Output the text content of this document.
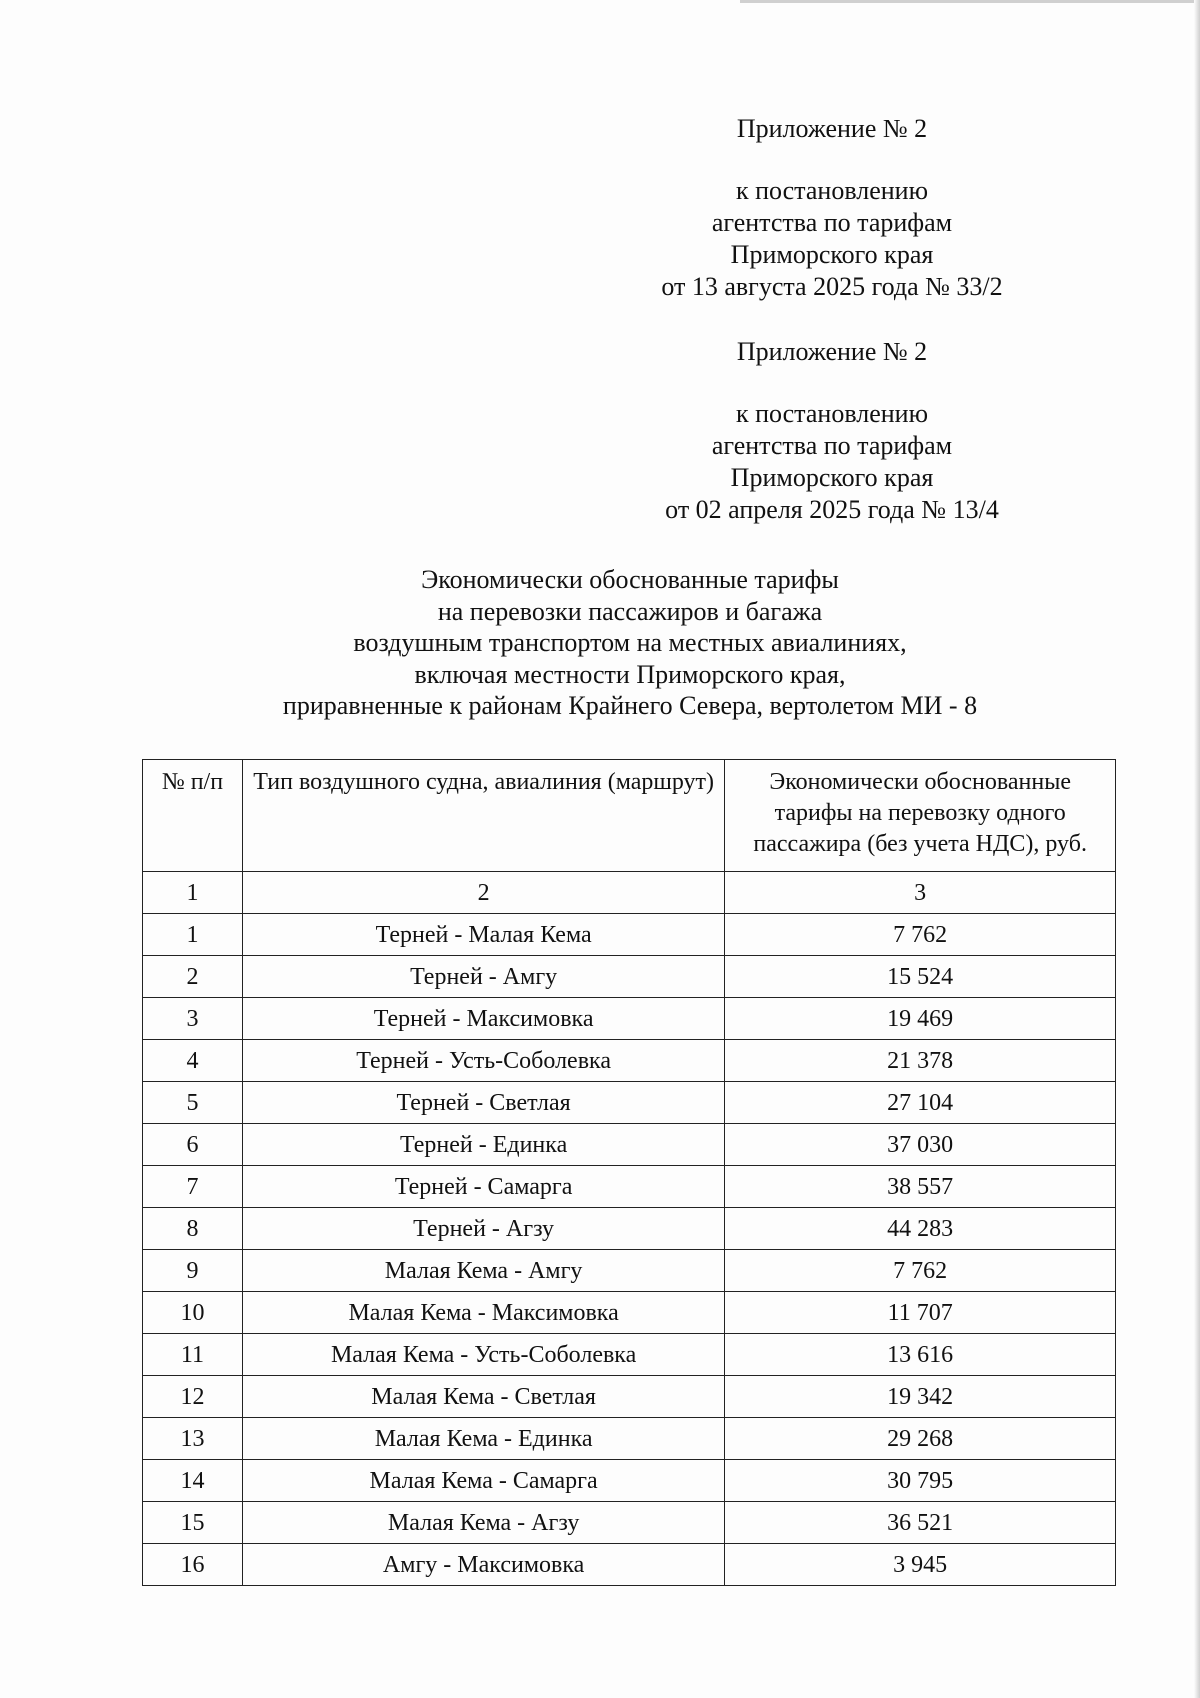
Приложение № 2
к постановлению
агентства по тарифам
Приморского края
от 13 августа 2025 года № 33/2
Приложение № 2
к постановлению
агентства по тарифам
Приморского края
от 02 апреля 2025 года № 13/4
Экономически обоснованные тарифы
на перевозки пассажиров и багажа
воздушным транспортом на местных авиалиниях,
включая местности Приморского края,
приравненные к районам Крайнего Севера, вертолетом МИ - 8
№ п/п	Тип воздушного судна, авиалиния (маршрут)	Экономически обоснованные тарифы на перевозку одного пассажира (без учета НДС), руб.
1	2	3
1	Терней - Малая Кема	7 762
2	Терней - Амгу	15 524
3	Терней - Максимовка	19 469
4	Терней - Усть-Соболевка	21 378
5	Терней - Светлая	27 104
6	Терней - Единка	37 030
7	Терней - Самарга	38 557
8	Терней - Агзу	44 283
9	Малая Кема - Амгу	7 762
10	Малая Кема - Максимовка	11 707
11	Малая Кема - Усть-Соболевка	13 616
12	Малая Кема - Светлая	19 342
13	Малая Кема - Единка	29 268
14	Малая Кема - Самарга	30 795
15	Малая Кема - Агзу	36 521
16	Амгу - Максимовка	3 945
